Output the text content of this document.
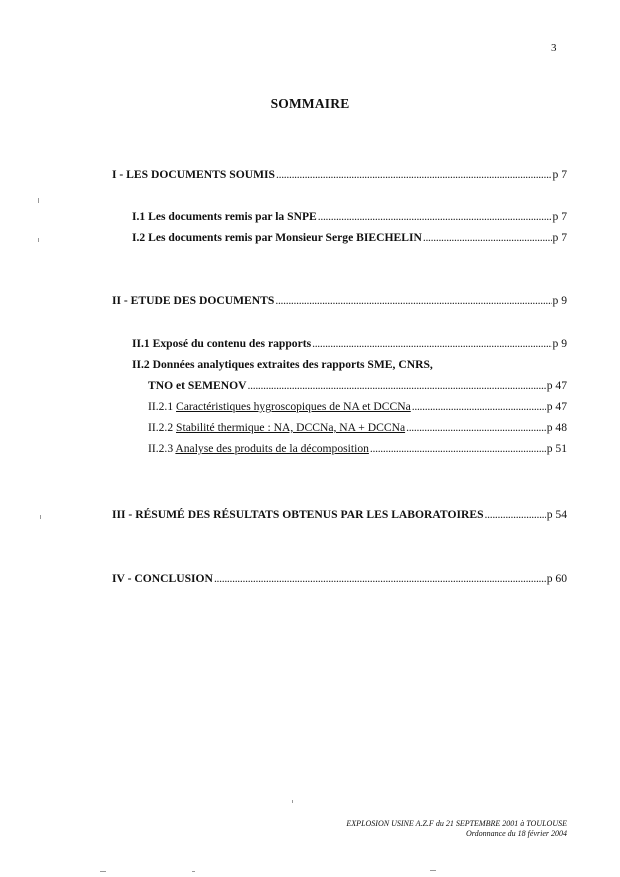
3
SOMMAIRE
I - LES DOCUMENTS SOUMIS . . .	p 7
I.1 Les documents remis par la SNPE . . .	p 7
I.2 Les documents remis par Monsieur Serge BIECHELIN . . .	p 7
II - ETUDE DES DOCUMENTS . . .	p 9
II.1 Exposé du contenu des rapports . . .	p 9
II.2 Données analytiques extraites des rapports SME, CNRS,
TNO et SEMENOV . . .	p 47
II.2.1 Caractéristiques hygroscopiques de NA et DCCNa . . .	p 47
II.2.2 Stabilité thermique : NA, DCCNa, NA + DCCNa . . .	p 48
II.2.3 Analyse des produits de la décomposition . . .	p 51
III - RÉSUMÉ DES RÉSULTATS OBTENUS PAR LES LABORATOIRES . . .	p 54
IV - CONCLUSION . . .	p 60
EXPLOSION USINE A.Z.F du 21 SEPTEMBRE 2001 à TOULOUSE
Ordonnance du 18 février 2004
